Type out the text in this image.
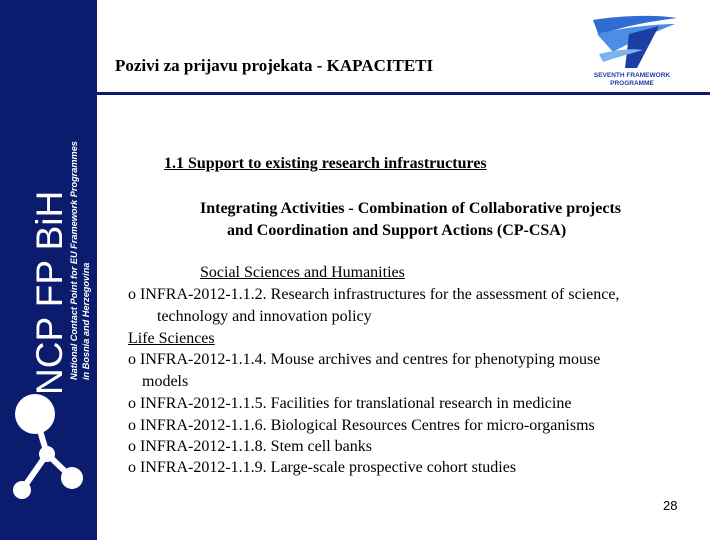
NCP FP BiH National Contact Point for EU Framework Programmes in Bosnia and Herzegovina
Pozivi za prijavu projekata - KAPACITETI
SEVENTH FRAMEWORK
PROGRAMME
1.1 Support to existing research infrastructures
Integrating Activities - Combination of Collaborative projects
and Coordination and Support Actions (CP-CSA)
Social Sciences and Humanities
o INFRA-2012-1.1.2. Research infrastructures for the assessment of science,
technology and innovation policy
Life Sciences
o INFRA-2012-1.1.4. Mouse archives and centres for phenotyping mouse
models
o INFRA-2012-1.1.5. Facilities for translational research in medicine
o INFRA-2012-1.1.6. Biological Resources Centres for micro-organisms
o INFRA-2012-1.1.8. Stem cell banks
o INFRA-2012-1.1.9. Large-scale prospective cohort studies
28
